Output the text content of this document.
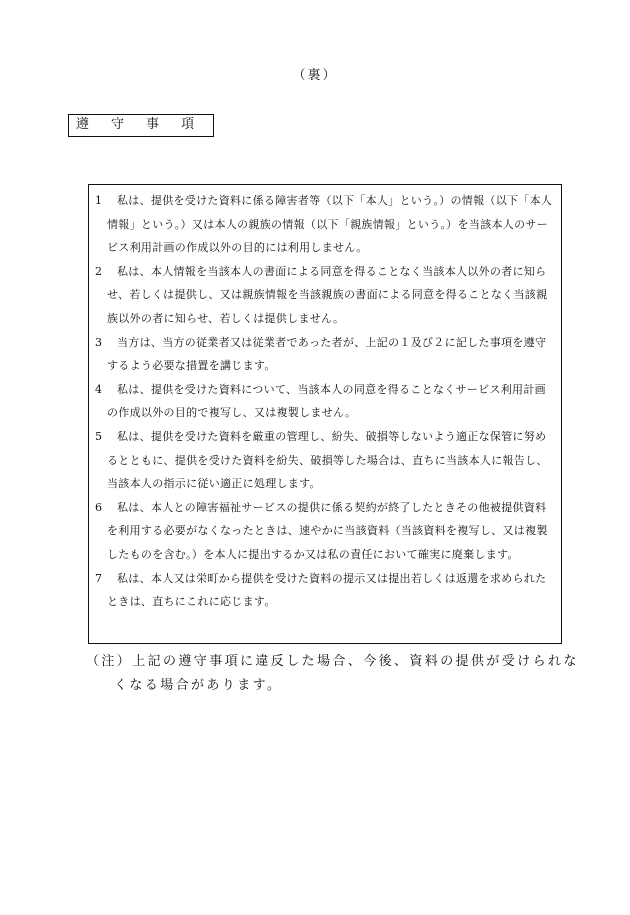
（裏）
遵守事項
1 私は、提供を受けた資料に係る障害者等（以下「本人」という。）の情報（以下「本人情報」という。）又は本人の親族の情報（以下「親族情報」という。）を当該本人のサービス利用計画の作成以外の目的には利用しません。
2 私は、本人情報を当該本人の書面による同意を得ることなく当該本人以外の者に知らせ、若しくは提供し、又は親族情報を当該親族の書面による同意を得ることなく当該親族以外の者に知らせ、若しくは提供しません。
3 当方は、当方の従業者又は従業者であった者が、上記の１及び２に記した事項を遵守するよう必要な措置を講じます。
4 私は、提供を受けた資料について、当該本人の同意を得ることなくサービス利用計画の作成以外の目的で複写し、又は複製しません。
5 私は、提供を受けた資料を厳重の管理し、紛失、破損等しないよう適正な保管に努めるとともに、提供を受けた資料を紛失、破損等した場合は、直ちに当該本人に報告し、当該本人の指示に従い適正に処理します。
6 私は、本人との障害福祉サービスの提供に係る契約が終了したときその他被提供資料を利用する必要がなくなったときは、速やかに当該資料（当該資料を複写し、又は複製したものを含む。）を本人に提出するか又は私の責任において確実に廃棄します。
7 私は、本人又は栄町から提供を受けた資料の提示又は提出若しくは返還を求められたときは、直ちにこれに応じます。
（注）上記の遵守事項に違反した場合、今後、資料の提供が受けられなくなる場合があります。
